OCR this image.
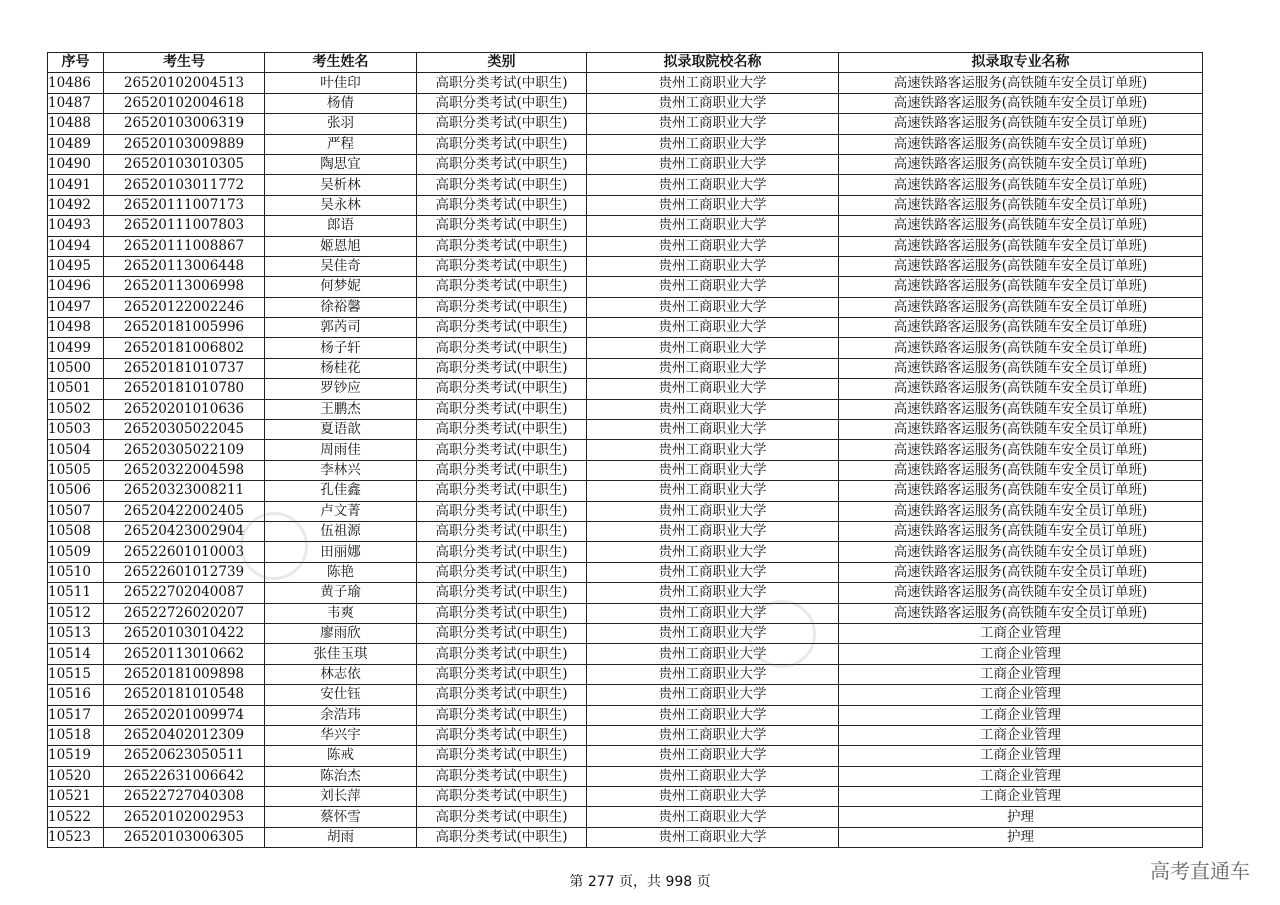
序号	考生号	考生姓名	类别	拟录取院校名称	拟录取专业名称
10486	26520102004513	叶佳印	高职分类考试(中职生)	贵州工商职业大学	高速铁路客运服务(高铁随车安全员订单班)
10487	26520102004618	杨倩	高职分类考试(中职生)	贵州工商职业大学	高速铁路客运服务(高铁随车安全员订单班)
10488	26520103006319	张羽	高职分类考试(中职生)	贵州工商职业大学	高速铁路客运服务(高铁随车安全员订单班)
10489	26520103009889	严程	高职分类考试(中职生)	贵州工商职业大学	高速铁路客运服务(高铁随车安全员订单班)
10490	26520103010305	陶思宜	高职分类考试(中职生)	贵州工商职业大学	高速铁路客运服务(高铁随车安全员订单班)
10491	26520103011772	吴析林	高职分类考试(中职生)	贵州工商职业大学	高速铁路客运服务(高铁随车安全员订单班)
10492	26520111007173	吴永林	高职分类考试(中职生)	贵州工商职业大学	高速铁路客运服务(高铁随车安全员订单班)
10493	26520111007803	郎语	高职分类考试(中职生)	贵州工商职业大学	高速铁路客运服务(高铁随车安全员订单班)
10494	26520111008867	姬恩旭	高职分类考试(中职生)	贵州工商职业大学	高速铁路客运服务(高铁随车安全员订单班)
10495	26520113006448	吴佳奇	高职分类考试(中职生)	贵州工商职业大学	高速铁路客运服务(高铁随车安全员订单班)
10496	26520113006998	何梦妮	高职分类考试(中职生)	贵州工商职业大学	高速铁路客运服务(高铁随车安全员订单班)
10497	26520122002246	徐裕馨	高职分类考试(中职生)	贵州工商职业大学	高速铁路客运服务(高铁随车安全员订单班)
10498	26520181005996	郭芮司	高职分类考试(中职生)	贵州工商职业大学	高速铁路客运服务(高铁随车安全员订单班)
10499	26520181006802	杨子轩	高职分类考试(中职生)	贵州工商职业大学	高速铁路客运服务(高铁随车安全员订单班)
10500	26520181010737	杨桂花	高职分类考试(中职生)	贵州工商职业大学	高速铁路客运服务(高铁随车安全员订单班)
10501	26520181010780	罗钞应	高职分类考试(中职生)	贵州工商职业大学	高速铁路客运服务(高铁随车安全员订单班)
10502	26520201010636	王鹏杰	高职分类考试(中职生)	贵州工商职业大学	高速铁路客运服务(高铁随车安全员订单班)
10503	26520305022045	夏语歆	高职分类考试(中职生)	贵州工商职业大学	高速铁路客运服务(高铁随车安全员订单班)
10504	26520305022109	周雨佳	高职分类考试(中职生)	贵州工商职业大学	高速铁路客运服务(高铁随车安全员订单班)
10505	26520322004598	李林兴	高职分类考试(中职生)	贵州工商职业大学	高速铁路客运服务(高铁随车安全员订单班)
10506	26520323008211	孔佳鑫	高职分类考试(中职生)	贵州工商职业大学	高速铁路客运服务(高铁随车安全员订单班)
10507	26520422002405	卢文菁	高职分类考试(中职生)	贵州工商职业大学	高速铁路客运服务(高铁随车安全员订单班)
10508	26520423002904	伍祖源	高职分类考试(中职生)	贵州工商职业大学	高速铁路客运服务(高铁随车安全员订单班)
10509	26522601010003	田丽娜	高职分类考试(中职生)	贵州工商职业大学	高速铁路客运服务(高铁随车安全员订单班)
10510	26522601012739	陈艳	高职分类考试(中职生)	贵州工商职业大学	高速铁路客运服务(高铁随车安全员订单班)
10511	26522702040087	黄子瑜	高职分类考试(中职生)	贵州工商职业大学	高速铁路客运服务(高铁随车安全员订单班)
10512	26522726020207	韦爽	高职分类考试(中职生)	贵州工商职业大学	高速铁路客运服务(高铁随车安全员订单班)
10513	26520103010422	廖雨欣	高职分类考试(中职生)	贵州工商职业大学	工商企业管理
10514	26520113010662	张佳玉琪	高职分类考试(中职生)	贵州工商职业大学	工商企业管理
10515	26520181009898	林志依	高职分类考试(中职生)	贵州工商职业大学	工商企业管理
10516	26520181010548	安仕钰	高职分类考试(中职生)	贵州工商职业大学	工商企业管理
10517	26520201009974	余浩玮	高职分类考试(中职生)	贵州工商职业大学	工商企业管理
10518	26520402012309	华兴宇	高职分类考试(中职生)	贵州工商职业大学	工商企业管理
10519	26520623050511	陈戒	高职分类考试(中职生)	贵州工商职业大学	工商企业管理
10520	26522631006642	陈治杰	高职分类考试(中职生)	贵州工商职业大学	工商企业管理
10521	26522727040308	刘长萍	高职分类考试(中职生)	贵州工商职业大学	工商企业管理
10522	26520102002953	蔡怀雪	高职分类考试(中职生)	贵州工商职业大学	护理
10523	26520103006305	胡雨	高职分类考试(中职生)	贵州工商职业大学	护理
第 277 页，共 998 页	高考直通车
